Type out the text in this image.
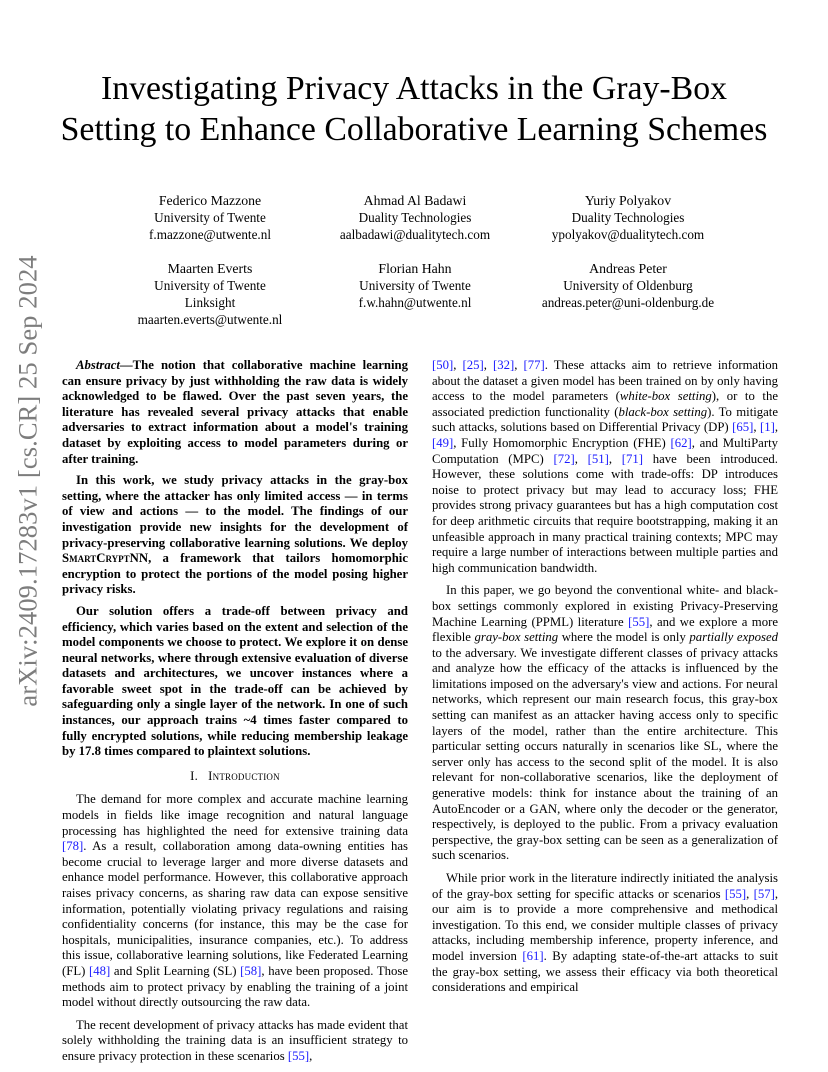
arXiv:2409.17283v1 [cs.CR] 25 Sep 2024
Investigating Privacy Attacks in the Gray-Box Setting to Enhance Collaborative Learning Schemes
Federico Mazzone
University of Twente
f.mazzone@utwente.nl
Ahmad Al Badawi
Duality Technologies
aalbadawi@dualitytech.com
Yuriy Polyakov
Duality Technologies
ypolyakov@dualitytech.com
Maarten Everts
University of Twente
Linksight
maarten.everts@utwente.nl
Florian Hahn
University of Twente
f.w.hahn@utwente.nl
Andreas Peter
University of Oldenburg
andreas.peter@uni-oldenburg.de

Abstract—The notion that collaborative machine learning can ensure privacy by just withholding the raw data is widely acknowledged to be flawed. Over the past seven years, the literature has revealed several privacy attacks that enable adversaries to extract information about a model's training dataset by exploiting access to model parameters during or after training.

In this work, we study privacy attacks in the gray-box setting, where the attacker has only limited access — in terms of view and actions — to the model. The findings of our investigation provide new insights for the development of privacy-preserving collaborative learning solutions. We deploy SmartCryptNN, a framework that tailors homomorphic encryption to protect the portions of the model posing higher privacy risks.

Our solution offers a trade-off between privacy and efficiency, which varies based on the extent and selection of the model components we choose to protect. We explore it on dense neural networks, where through extensive evaluation of diverse datasets and architectures, we uncover instances where a favorable sweet spot in the trade-off can be achieved by safeguarding only a single layer of the network. In one of such instances, our approach trains ~4 times faster compared to fully encrypted solutions, while reducing membership leakage by 17.8 times compared to plaintext solutions.

I. Introduction

The demand for more complex and accurate machine learning models in fields like image recognition and natural language processing has highlighted the need for extensive training data [ 78 ] . As a result, collaboration among data-owning entities has become crucial to leverage larger and more diverse datasets and enhance model performance. However, this collaborative approach raises privacy concerns, as sharing raw data can expose sensitive information, potentially violating privacy regulations and raising confidentiality concerns (for instance, this may be the case for hospitals, municipalities, insurance companies, etc.). To address this issue, collaborative learning solutions, like Federated Learning (FL) [ 48 ] and Split Learning (SL) [ 58 ] , have been proposed. Those methods aim to protect privacy by enabling the training of a joint model without directly outsourcing the raw data.

The recent development of privacy attacks has made evident that solely withholding the training data is an insufficient strategy to ensure privacy protection in these scenarios [ 55 ] ,

[ 50 ] , [ 25 ] , [ 32 ] , [ 77 ] . These attacks aim to retrieve information about the dataset a given model has been trained on by only having access to the model parameters (white-box setting), or to the associated prediction functionality (black-box setting). To mitigate such attacks, solutions based on Differential Privacy (DP) [ 65 ] , [ 1 ] , [ 49 ] , Fully Homomorphic Encryption (FHE) [ 62 ] , and MultiParty Computation (MPC) [ 72 ] , [ 51 ] , [ 71 ] have been introduced. However, these solutions come with trade-offs: DP introduces noise to protect privacy but may lead to accuracy loss; FHE provides strong privacy guarantees but has a high computation cost for deep arithmetic circuits that require bootstrapping, making it an unfeasible approach in many practical training contexts; MPC may require a large number of interactions between multiple parties and high communication bandwidth.

In this paper, we go beyond the conventional white- and black-box settings commonly explored in existing Privacy-Preserving Machine Learning (PPML) literature [ 55 ] , and we explore a more flexible gray-box setting where the model is only partially exposed to the adversary. We investigate different classes of privacy attacks and analyze how the efficacy of the attacks is influenced by the limitations imposed on the adversary's view and actions. For neural networks, which represent our main research focus, this gray-box setting can manifest as an attacker having access only to specific layers of the model, rather than the entire architecture. This particular setting occurs naturally in scenarios like SL, where the server only has access to the second split of the model. It is also relevant for non-collaborative scenarios, like the deployment of generative models: think for instance about the training of an AutoEncoder or a GAN, where only the decoder or the generator, respectively, is deployed to the public. From a privacy evaluation perspective, the gray-box setting can be seen as a generalization of such scenarios.

While prior work in the literature indirectly initiated the analysis of the gray-box setting for specific attacks or scenarios [ 55 ] , [ 57 ] , our aim is to provide a more comprehensive and methodical investigation. To this end, we consider multiple classes of privacy attacks, including membership inference, property inference, and model inversion [ 61 ] . By adapting state-of-the-art attacks to suit the gray-box setting, we assess their efficacy via both theoretical considerations and empirical
